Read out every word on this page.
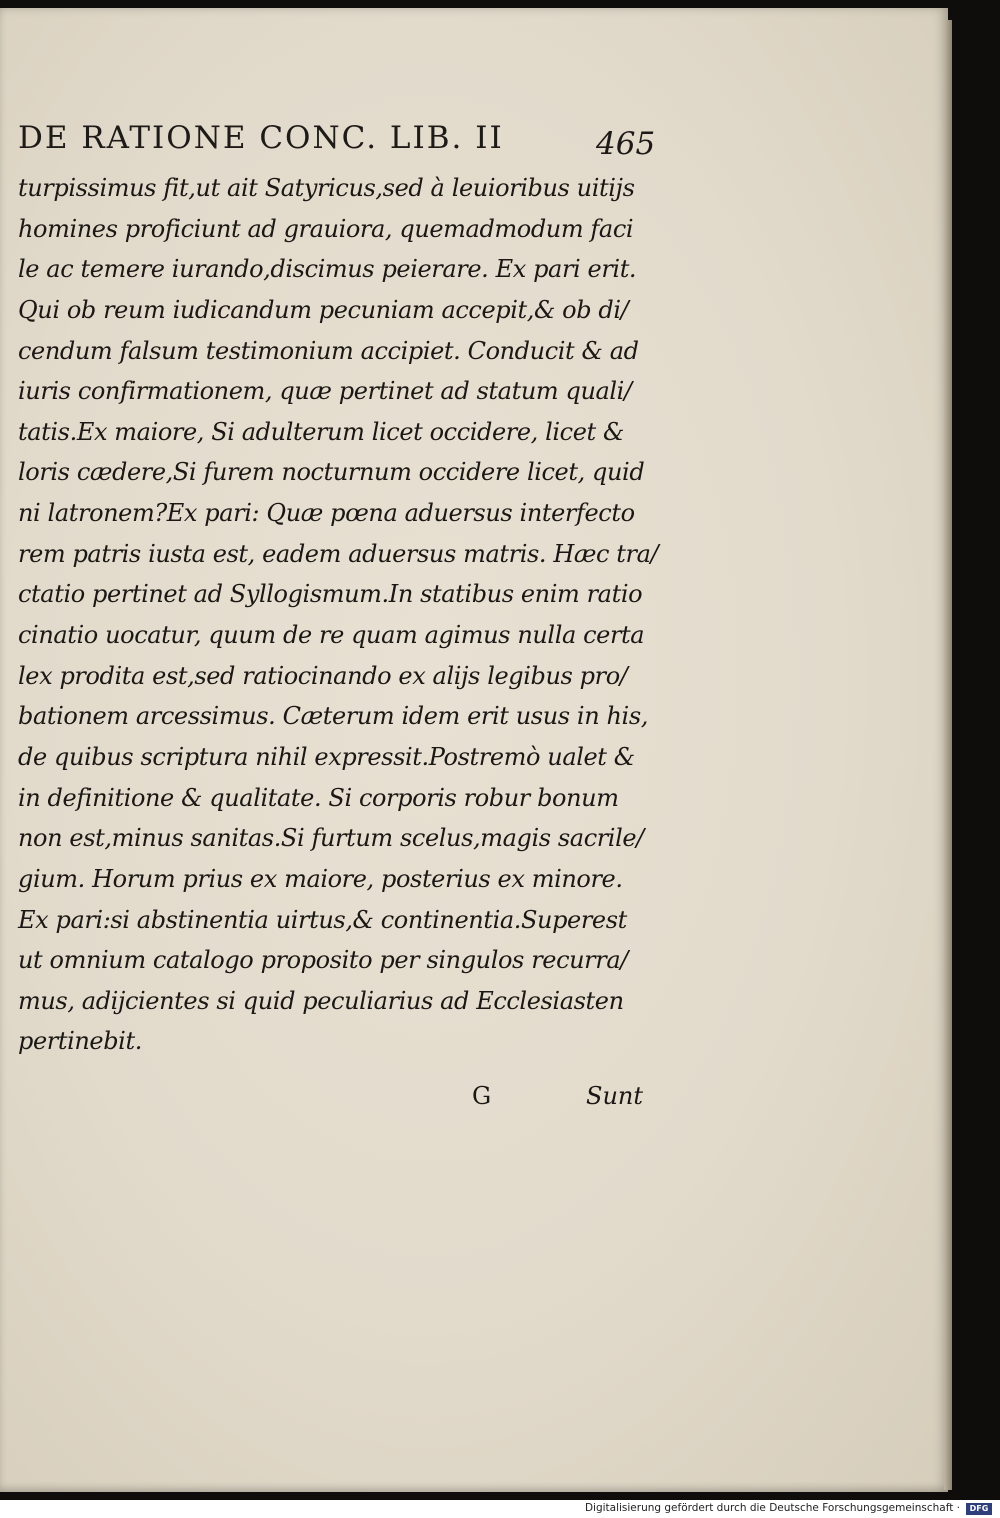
DE RATIONE CONC. LIB. II	465
turpissimus fit,ut ait Satyricus,sed à leuioribus uitijs
homines proficiunt ad grauiora, quemadmodum faci
le ac temere iurando,discimus peierare. Ex pari erit.
Qui ob reum iudicandum pecuniam accepit,& ob di/
cendum falsum testimonium accipiet. Conducit & ad
iuris confirmationem, quæ pertinet ad statum quali/
tatis.Ex maiore, Si adulterum licet occidere, licet &
loris cædere,Si furem nocturnum occidere licet, quid
ni latronem?Ex pari: Quæ pœna aduersus interfecto
rem patris iusta est, eadem aduersus matris. Hæc tra/
ctatio pertinet ad Syllogismum.In statibus enim ratio
cinatio uocatur, quum de re quam agimus nulla certa
lex prodita est,sed ratiocinando ex alijs legibus pro/
bationem arcessimus. Cæterum idem erit usus in his,
de quibus scriptura nihil expressit.Postremò ualet &
in definitione & qualitate. Si corporis robur bonum
non est,minus sanitas.Si furtum scelus,magis sacrile/
gium. Horum prius ex maiore, posterius ex minore.
Ex pari:si abstinentia uirtus,& continentia.Superest
ut omnium catalogo proposito per singulos recurra/
mus, adijcientes si quid peculiarius ad Ecclesiasten
pertinebit.
G	Sunt
Digitalisierung gefördert durch die Deutsche Forschungsgemeinschaft ·	DFG
